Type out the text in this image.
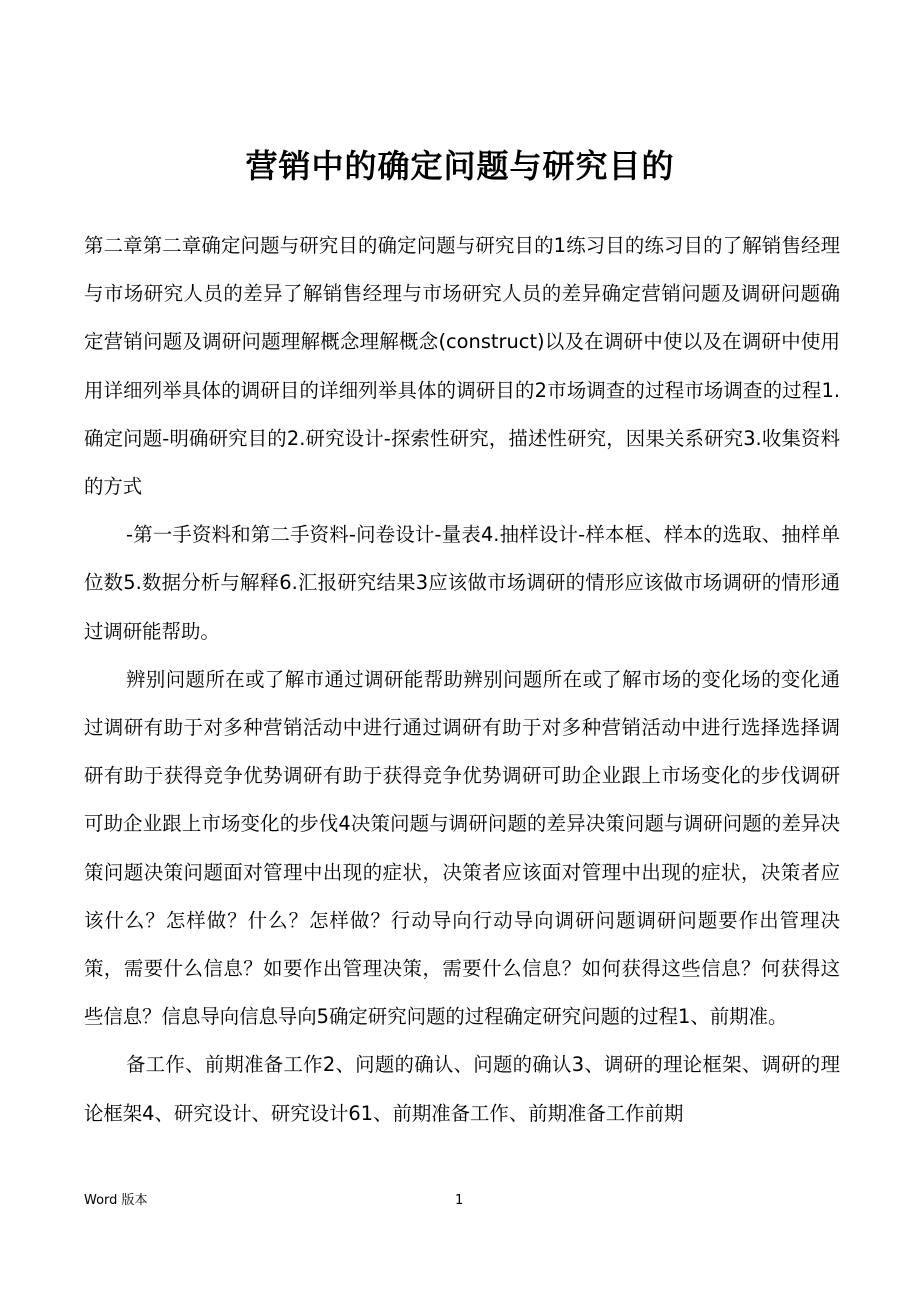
营销中的确定问题与研究目的

第二章第二章确定问题与研究目的确定问题与研究目的1练习目的练习目的了解销售经理与市场研究人员的差异了解销售经理与市场研究人员的差异确定营销问题及调研问题确定营销问题及调研问题理解概念理解概念(construct)以及在调研中使以及在调研中使用用详细列举具体的调研目的详细列举具体的调研目的2市场调查的过程市场调查的过程1.确定问题-明确研究目的2.研究设计-探索性研究，描述性研究，因果关系研究3.收集资料的方式

-第一手资料和第二手资料-问卷设计-量表4.抽样设计-样本框、样本的选取、抽样单位数5.数据分析与解释6.汇报研究结果3应该做市场调研的情形应该做市场调研的情形通过调研能帮助。

辨别问题所在或了解市通过调研能帮助辨别问题所在或了解市场的变化场的变化通过调研有助于对多种营销活动中进行通过调研有助于对多种营销活动中进行选择选择调研有助于获得竞争优势调研有助于获得竞争优势调研可助企业跟上市场变化的步伐调研可助企业跟上市场变化的步伐4决策问题与调研问题的差异决策问题与调研问题的差异决策问题决策问题面对管理中出现的症状，决策者应该面对管理中出现的症状，决策者应该什么？怎样做？什么？怎样做？行动导向行动导向调研问题调研问题要作出管理决策，需要什么信息？如要作出管理决策，需要什么信息？如何获得这些信息？何获得这些信息？信息导向信息导向5确定研究问题的过程确定研究问题的过程1、前期准。

备工作、前期准备工作2、问题的确认、问题的确认3、调研的理论框架、调研的理论框架4、研究设计、研究设计61、前期准备工作、前期准备工作前期

Word 版本	1
